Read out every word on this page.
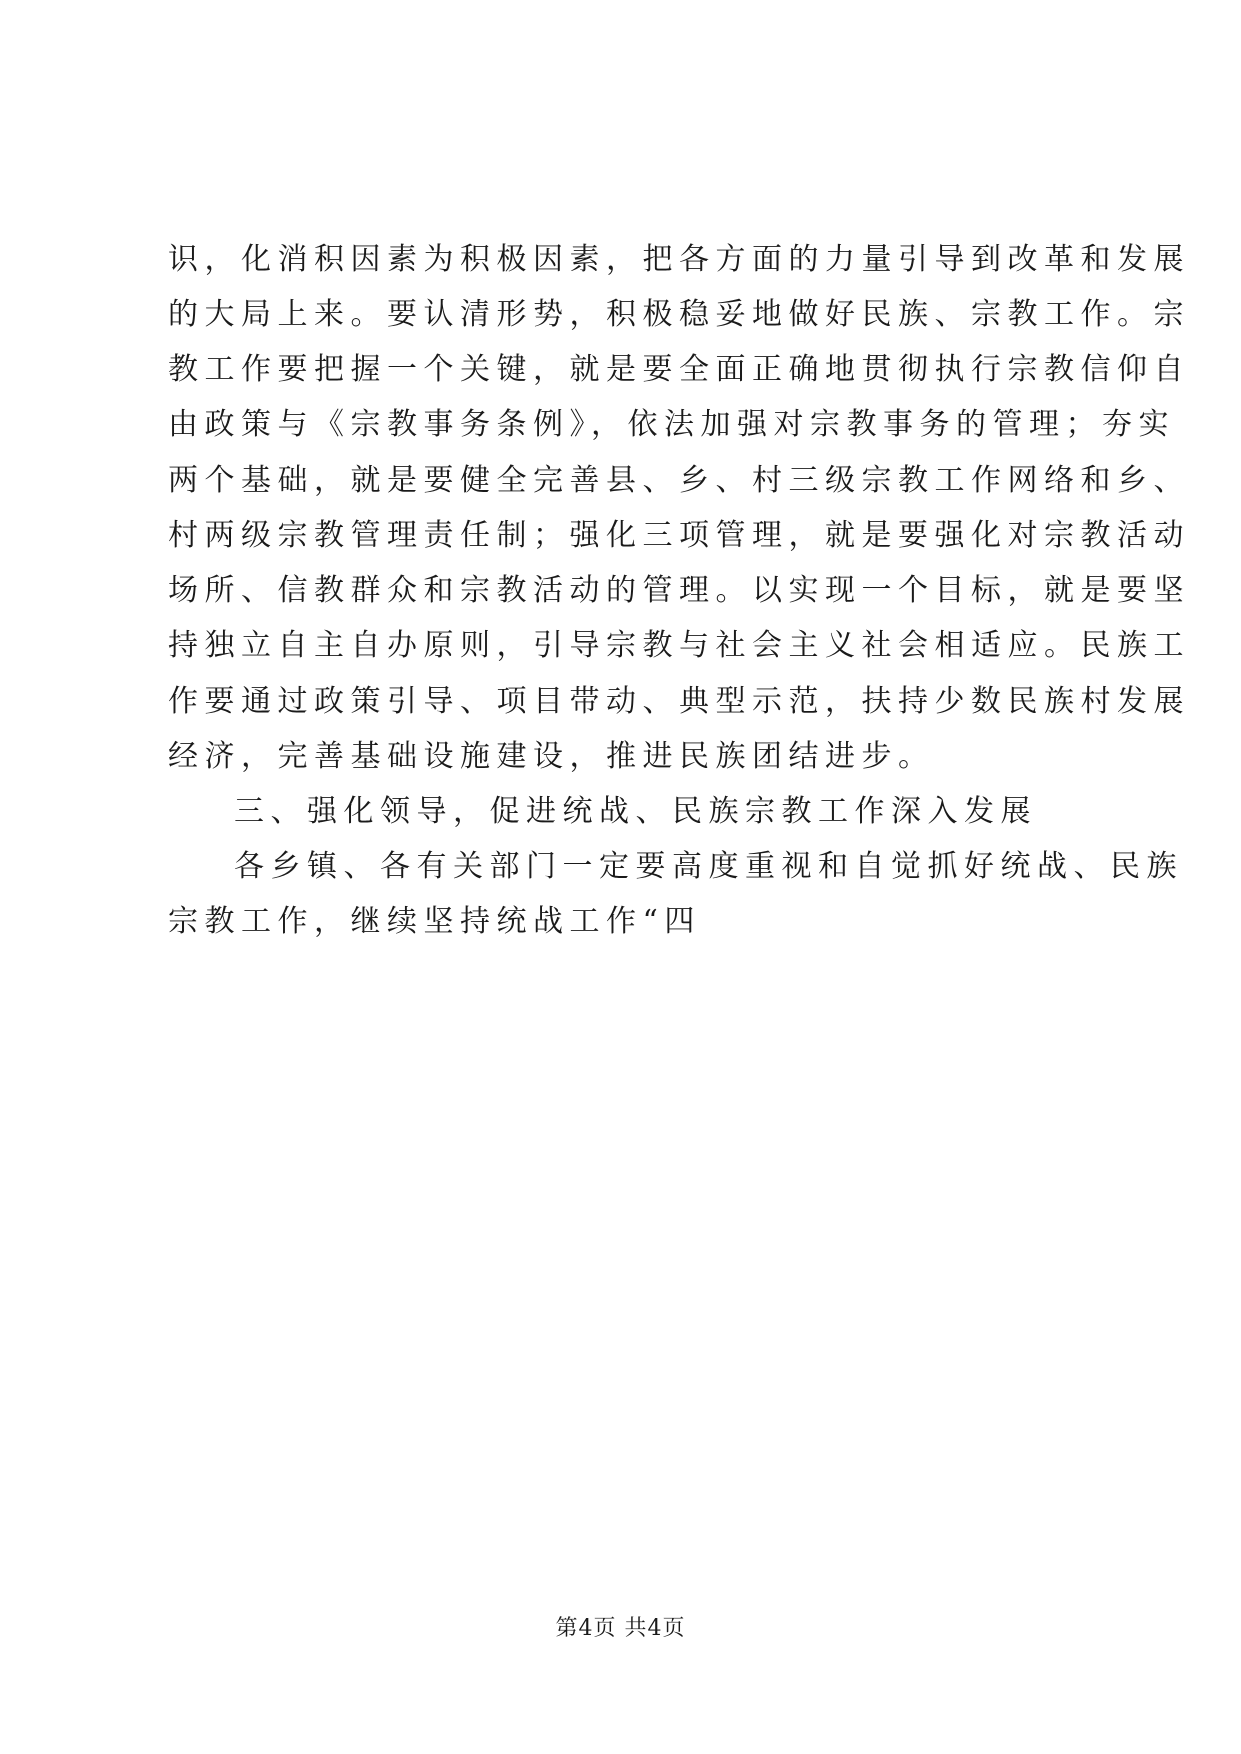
识，化消积因素为积极因素，把各方面的力量引导到改革和发展
的大局上来。要认清形势，积极稳妥地做好民族、宗教工作。宗
教工作要把握一个关键，就是要全面正确地贯彻执行宗教信仰自
由政策与《宗教事务条例》，依法加强对宗教事务的管理；夯实
两个基础，就是要健全完善县、乡、村三级宗教工作网络和乡、
村两级宗教管理责任制；强化三项管理，就是要强化对宗教活动
场所、信教群众和宗教活动的管理。以实现一个目标，就是要坚
持独立自主自办原则，引导宗教与社会主义社会相适应。民族工
作要通过政策引导、项目带动、典型示范，扶持少数民族村发展
经济，完善基础设施建设，推进民族团结进步。
三、强化领导，促进统战、民族宗教工作深入发展
各乡镇、各有关部门一定要高度重视和自觉抓好统战、民族
宗教工作，继续坚持统战工作“四
第4页 共4页
